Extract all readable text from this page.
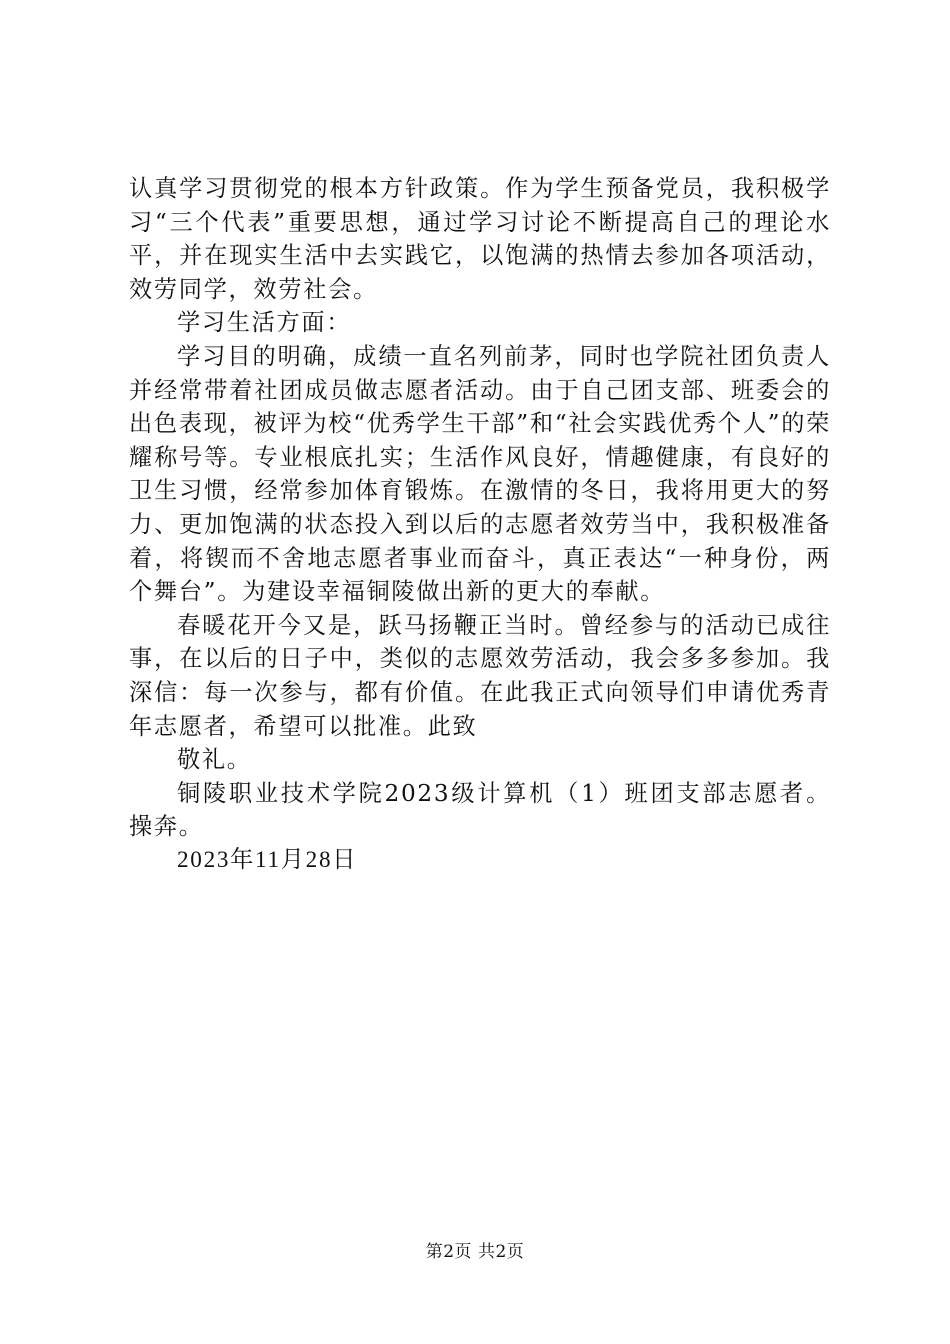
认真学习贯彻党的根本方针政策。作为学生预备党员，我积极学习“三个代表”重要思想，通过学习讨论不断提高自己的理论水平，并在现实生活中去实践它，以饱满的热情去参加各项活动，效劳同学，效劳社会。

学习生活方面：

学习目的明确，成绩一直名列前茅，同时也学院社团负责人并经常带着社团成员做志愿者活动。由于自己团支部、班委会的出色表现，被评为校“优秀学生干部”和“社会实践优秀个人”的荣耀称号等。专业根底扎实；生活作风良好，情趣健康，有良好的卫生习惯，经常参加体育锻炼。在激情的冬日，我将用更大的努力、更加饱满的状态投入到以后的志愿者效劳当中，我积极准备着，将锲而不舍地志愿者事业而奋斗，真正表达“一种身份，两个舞台”。为建设幸福铜陵做出新的更大的奉献。

春暖花开今又是，跃马扬鞭正当时。曾经参与的活动已成往事，在以后的日子中，类似的志愿效劳活动，我会多多参加。我深信：每一次参与，都有价值。在此我正式向领导们申请优秀青年志愿者，希望可以批准。此致

敬礼。

铜陵职业技术学院2023级计算机（1）班团支部志愿者。操奔。

2023年11月28日

第2页 共2页
